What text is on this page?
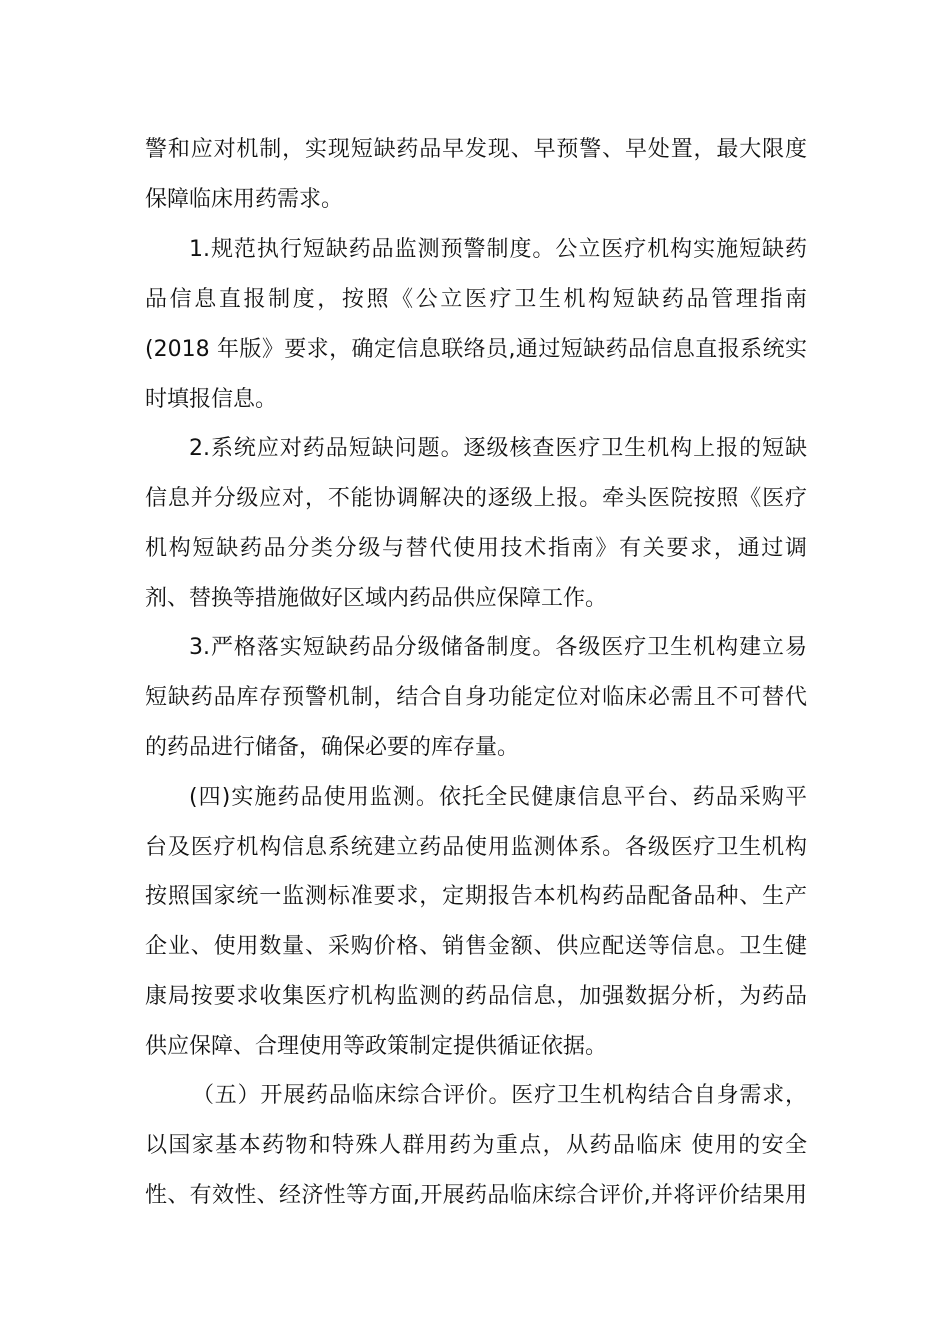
警和应对机制，实现短缺药品早发现、早预警、早处置，最大限度
保障临床用药需求。
1.规范执行短缺药品监测预警制度。公立医疗机构实施短缺药
品信息直报制度，按照《公立医疗卫生机构短缺药品管理指南
(2018 年版》要求，确定信息联络员,通过短缺药品信息直报系统实
时填报信息。
2.系统应对药品短缺问题。逐级核查医疗卫生机构上报的短缺
信息并分级应对，不能协调解决的逐级上报。牵头医院按照《医疗
机构短缺药品分类分级与替代使用技术指南》有关要求，通过调
剂、替换等措施做好区域内药品供应保障工作。
3.严格落实短缺药品分级储备制度。各级医疗卫生机构建立易
短缺药品库存预警机制，结合自身功能定位对临床必需且不可替代
的药品进行储备，确保必要的库存量。
(四)实施药品使用监测。依托全民健康信息平台、药品采购平
台及医疗机构信息系统建立药品使用监测体系。各级医疗卫生机构
按照国家统一监测标准要求，定期报告本机构药品配备品种、生产
企业、使用数量、采购价格、销售金额、供应配送等信息。卫生健
康局按要求收集医疗机构监测的药品信息，加强数据分析，为药品
供应保障、合理使用等政策制定提供循证依据。
（五）开展药品临床综合评价。医疗卫生机构结合自身需求，
以国家基本药物和特殊人群用药为重点，从药品临床 使用的安全
性、有效性、经济性等方面,开展药品临床综合评价,并将评价结果用
